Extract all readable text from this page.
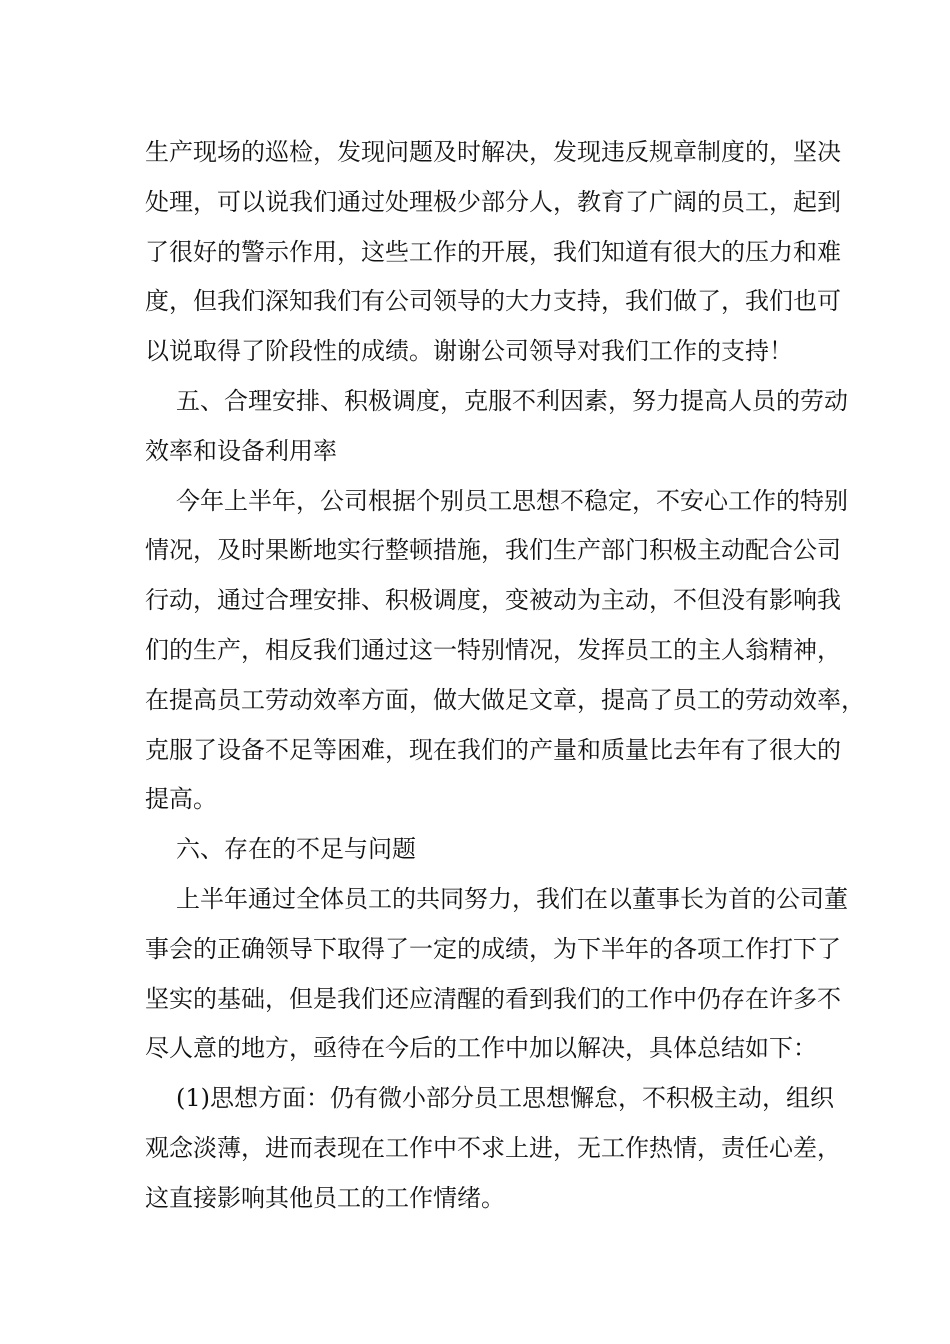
生产现场的巡检，发现问题及时解决，发现违反规章制度的，坚决
处理，可以说我们通过处理极少部分人，教育了广阔的员工，起到
了很好的警示作用，这些工作的开展，我们知道有很大的压力和难
度，但我们深知我们有公司领导的大力支持，我们做了，我们也可
以说取得了阶段性的成绩。谢谢公司领导对我们工作的支持！
五、合理安排、积极调度，克服不利因素，努力提高人员的劳动
效率和设备利用率
今年上半年，公司根据个别员工思想不稳定，不安心工作的特别
情况，及时果断地实行整顿措施，我们生产部门积极主动配合公司
行动，通过合理安排、积极调度，变被动为主动，不但没有影响我
们的生产，相反我们通过这一特别情况，发挥员工的主人翁精神，
在提高员工劳动效率方面，做大做足文章，提高了员工的劳动效率，
克服了设备不足等困难，现在我们的产量和质量比去年有了很大的
提高。
六、存在的不足与问题
上半年通过全体员工的共同努力，我们在以董事长为首的公司董
事会的正确领导下取得了一定的成绩，为下半年的各项工作打下了
坚实的基础，但是我们还应清醒的看到我们的工作中仍存在许多不
尽人意的地方，亟待在今后的工作中加以解决，具体总结如下：
(1)思想方面：仍有微小部分员工思想懈怠，不积极主动，组织
观念淡薄，进而表现在工作中不求上进，无工作热情，责任心差，
这直接影响其他员工的工作情绪。
